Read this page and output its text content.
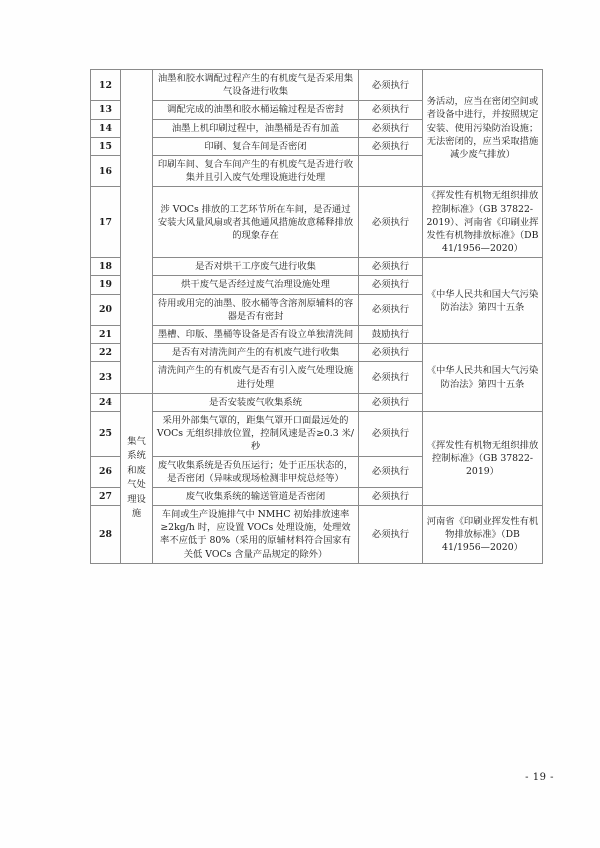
12		油墨和胶水调配过程产生的有机废气是否采用集气设备进行收集	必须执行	务活动，应当在密闭空间或者设备中进行，并按照规定安装、使用污染防治设施；无法密闭的，应当采取措施减少废气排放）
13		调配完成的油墨和胶水桶运输过程是否密封	必须执行	
14		油墨上机印刷过程中，油墨桶是否有加盖	必须执行	
15		印刷、复合车间是否密闭	必须执行	
16		印刷车间、复合车间产生的有机废气是否进行收集并且引入废气处理设施进行处理		
17		涉 VOCs 排放的工艺环节所在车间，是否通过安装大风量风扇或者其他通风措施故意稀释排放的现象存在	必须执行	《挥发性有机物无组织排放控制标准》（GB 37822-2019）、河南省《印刷业挥发性有机物排放标准》（DB 41/1956—2020）
18		是否对烘干工序废气进行收集	必须执行	《中华人民共和国大气污染防治法》第四十五条
19		烘干废气是否经过废气治理设施处理	必须执行	
20		待用或用完的油墨、胶水桶等含溶剂原辅料的容器是否有密封	必须执行	
21		墨槽、印版、墨桶等设备是否有设立单独清洗间	鼓励执行	
22		是否有对清洗间产生的有机废气进行收集	必须执行	《中华人民共和国大气污染防治法》第四十五条
23		清洗间产生的有机废气是否有引入废气处理设施进行处理	必须执行	
24	集气系统和废气处理设施	是否安装废气收集系统	必须执行	
25		采用外部集气罩的，距集气罩开口面最远处的 VOCs 无组织排放位置，控制风速是否≥0.3 米/秒	必须执行	《挥发性有机物无组织排放控制标准》（GB 37822-2019）
26		废气收集系统是否负压运行；处于正压状态的，是否密闭（异味或现场检测非甲烷总烃等）	必须执行	
27		废气收集系统的输送管道是否密闭	必须执行	
28		车间或生产设施排气中 NMHC 初始排放速率≥2kg/h 时，应设置 VOCs 处理设施，处理效率不应低于 80%（采用的原辅材料符合国家有关低 VOCs 含量产品规定的除外）	必须执行	河南省《印刷业挥发性有机物排放标准》（DB 41/1956—2020）
- 19 -
